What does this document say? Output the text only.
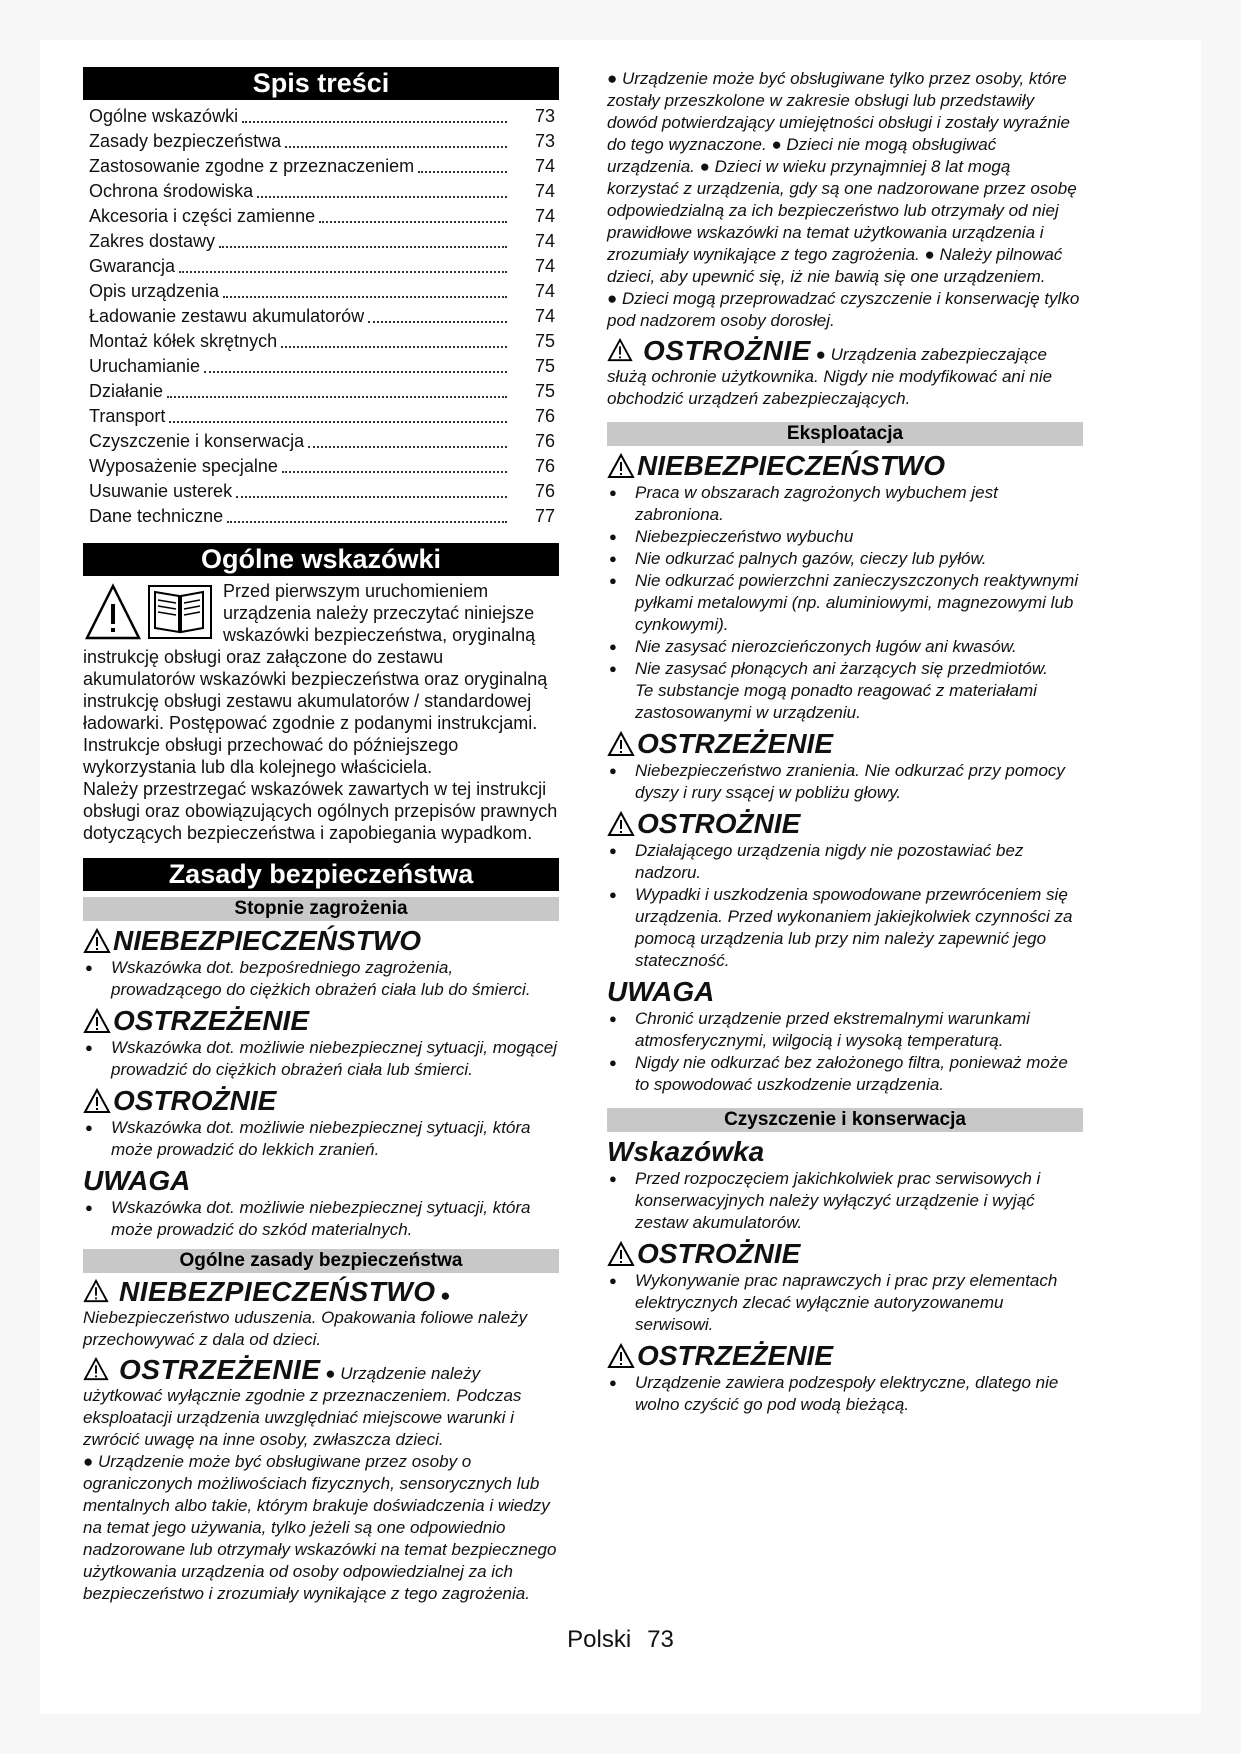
Spis treści
Ogólne wskazówki	73
Zasady bezpieczeństwa	73
Zastosowanie zgodne z przeznaczeniem	74
Ochrona środowiska	74
Akcesoria i części zamienne	74
Zakres dostawy	74
Gwarancja	74
Opis urządzenia	74
Ładowanie zestawu akumulatorów	74
Montaż kółek skrętnych	75
Uruchamianie	75
Działanie	75
Transport	76
Czyszczenie i konserwacja	76
Wyposażenie specjalne	76
Usuwanie usterek	76
Dane techniczne	77
Ogólne wskazówki

Przed pierwszym uruchomieniem urządzenia należy przeczytać niniejsze wskazówki bezpieczeństwa, oryginalną instrukcję obsługi oraz załączone do zestawu akumulatorów wskazówki bezpieczeństwa oraz oryginalną instrukcję obsługi zestawu akumulatorów / standardowej ładowarki. Postępować zgodnie z podanymi instrukcjami. Instrukcje obsługi przechować do późniejszego wykorzystania lub dla kolejnego właściciela.

Należy przestrzegać wskazówek zawartych w tej instrukcji obsługi oraz obowiązujących ogólnych przepisów prawnych dotyczących bezpieczeństwa i zapobiegania wypadkom.

Zasady bezpieczeństwa
Stopnie zagrożenia
NIEBEZPIECZEŃSTWO
● Wskazówka dot. bezpośredniego zagrożenia, prowadzącego do ciężkich obrażeń ciała lub do śmierci.
OSTRZEŻENIE
● Wskazówka dot. możliwie niebezpiecznej sytuacji, mogącej prowadzić do ciężkich obrażeń ciała lub śmierci.
OSTROŻNIE
● Wskazówka dot. możliwie niebezpiecznej sytuacji, która może prowadzić do lekkich zranień.
UWAGA
● Wskazówka dot. możliwie niebezpiecznej sytuacji, która może prowadzić do szkód materialnych.
Ogólne zasady bezpieczeństwa

NIEBEZPIECZEŃSTWO ● Niebezpieczeństwo uduszenia. Opakowania foliowe należy przechowywać z dala od dzieci.

OSTRZEŻENIE ● Urządzenie należy użytkować wyłącznie zgodnie z przeznaczeniem. Podczas eksploatacji urządzenia uwzględniać miejscowe warunki i zwrócić uwagę na inne osoby, zwłaszcza dzieci.

● Urządzenie może być obsługiwane przez osoby o ograniczonych możliwościach fizycznych, sensorycznych lub mentalnych albo takie, którym brakuje doświadczenia i wiedzy na temat jego używania, tylko jeżeli są one odpowiednio nadzorowane lub otrzymały wskazówki na temat bezpiecznego użytkowania urządzenia od osoby odpowiedzialnej za ich bezpieczeństwo i zrozumiały wynikające z tego zagrożenia.

● Urządzenie może być obsługiwane tylko przez osoby, które zostały przeszkolone w zakresie obsługi lub przedstawiły dowód potwierdzający umiejętności obsługi i zostały wyraźnie do tego wyznaczone. ● Dzieci nie mogą obsługiwać urządzenia. ● Dzieci w wieku przynajmniej 8 lat mogą korzystać z urządzenia, gdy są one nadzorowane przez osobę odpowiedzialną za ich bezpieczeństwo lub otrzymały od niej prawidłowe wskazówki na temat użytkowania urządzenia i zrozumiały wynikające z tego zagrożenia. ● Należy pilnować dzieci, aby upewnić się, iż nie bawią się one urządzeniem.

● Dzieci mogą przeprowadzać czyszczenie i konserwację tylko pod nadzorem osoby dorosłej.

OSTROŻNIE ● Urządzenia zabezpieczające służą ochronie użytkownika. Nigdy nie modyfikować ani nie obchodzić urządzeń zabezpieczających.

Eksploatacja
NIEBEZPIECZEŃSTWO
● Praca w obszarach zagrożonych wybuchem jest zabroniona.
● Niebezpieczeństwo wybuchu
● Nie odkurzać palnych gazów, cieczy lub pyłów.
● Nie odkurzać powierzchni zanieczyszczonych reaktywnymi pyłkami metalowymi (np. aluminiowymi, magnezowymi lub cynkowymi).
● Nie zasysać nierozcieńczonych ługów ani kwasów.
● Nie zasysać płonących ani żarzących się przedmiotów.

Te substancje mogą ponadto reagować z materiałami zastosowanymi w urządzeniu.

OSTRZEŻENIE
● Niebezpieczeństwo zranienia. Nie odkurzać przy pomocy dyszy i rury ssącej w pobliżu głowy.
OSTROŻNIE
● Działającego urządzenia nigdy nie pozostawiać bez nadzoru.
● Wypadki i uszkodzenia spowodowane przewróceniem się urządzenia. Przed wykonaniem jakiejkolwiek czynności za pomocą urządzenia lub przy nim należy zapewnić jego stateczność.
UWAGA
● Chronić urządzenie przed ekstremalnymi warunkami atmosferycznymi, wilgocią i wysoką temperaturą.
● Nigdy nie odkurzać bez założonego filtra, ponieważ może to spowodować uszkodzenie urządzenia.
Czyszczenie i konserwacja
Wskazówka
● Przed rozpoczęciem jakichkolwiek prac serwisowych i konserwacyjnych należy wyłączyć urządzenie i wyjąć zestaw akumulatorów.
OSTROŻNIE
● Wykonywanie prac naprawczych i prac przy elementach elektrycznych zlecać wyłącznie autoryzowanemu serwisowi.
OSTRZEŻENIE
● Urządzenie zawiera podzespoły elektryczne, dlatego nie wolno czyścić go pod wodą bieżącą.
Polski 73
